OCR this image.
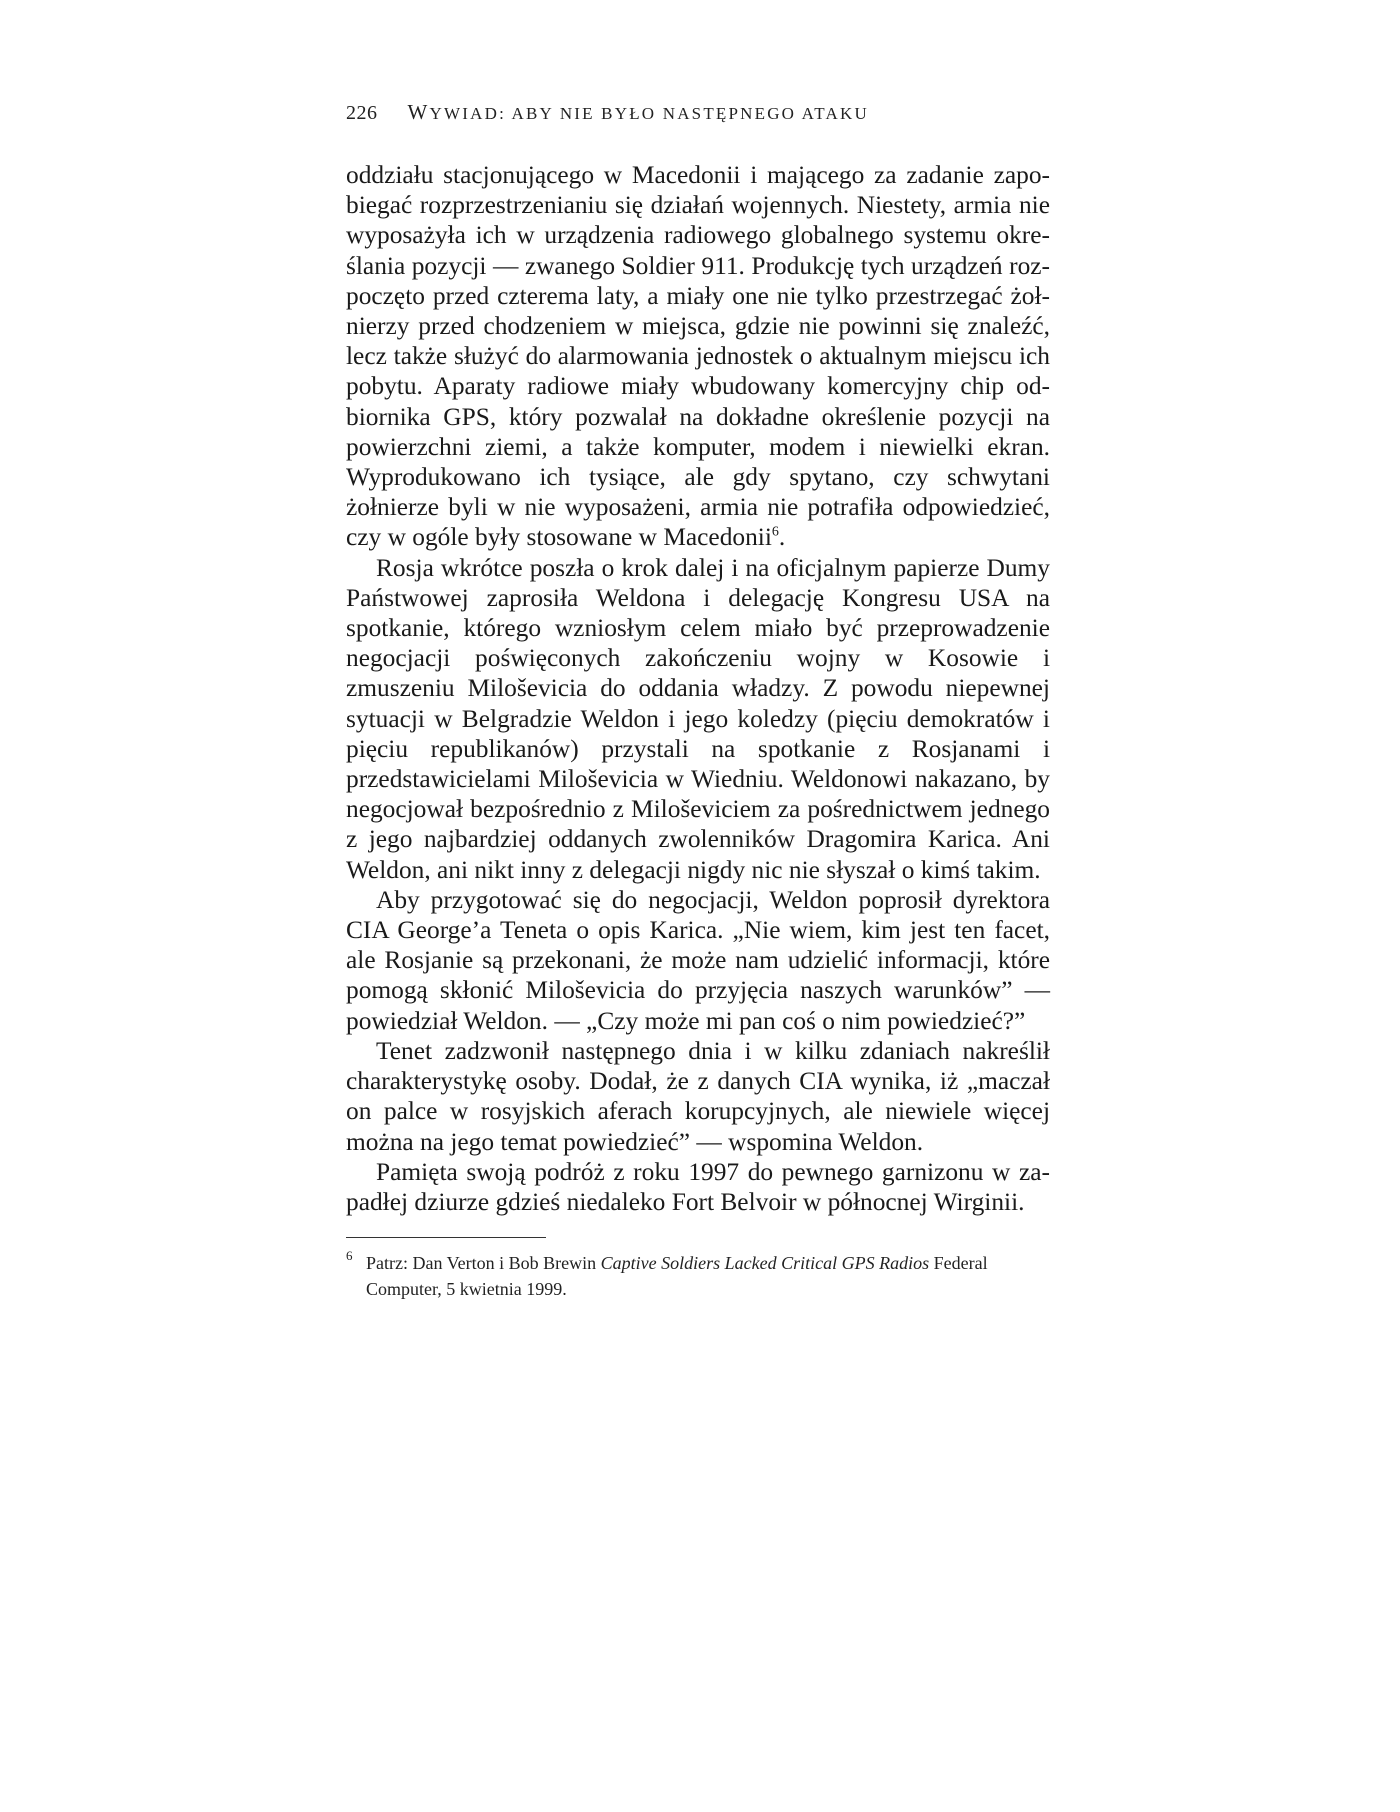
226 WYWIAD: ABY NIE BYŁO NASTĘPNEGO ATAKU

oddziału stacjonującego w Macedonii i mającego za zadanie zapobiegać rozprzestrzenianiu się działań wojennych. Niestety, armia nie wyposażyła ich w urządzenia radiowego globalnego systemu określania pozycji — zwanego Soldier 911. Produkcję tych urządzeń rozpoczęto przed czterema laty, a miały one nie tylko przestrzegać żołnierzy przed chodzeniem w miejsca, gdzie nie powinni się znaleźć, lecz także służyć do alarmowania jednostek o aktualnym miejscu ich pobytu. Aparaty radiowe miały wbudowany komercyjny chip odbiornika GPS, który pozwalał na dokładne określenie pozycji na powierzchni ziemi, a także komputer, modem i niewielki ekran. Wyprodukowano ich tysiące, ale gdy spytano, czy schwytani żołnierze byli w nie wyposażeni, armia nie potrafiła odpowiedzieć, czy w ogóle były stosowane w Macedonii$^6$.

Rosja wkrótce poszła o krok dalej i na oficjalnym papierze Dumy Państwowej zaprosiła Weldona i delegację Kongresu USA na spotkanie, którego wzniosłym celem miało być przeprowadzenie negocjacji poświęconych zakończeniu wojny w Kosowie i zmuszeniu Miloševicia do oddania władzy. Z powodu niepewnej sytuacji w Belgradzie Weldon i jego koledzy (pięciu demokratów i pięciu republikanów) przystali na spotkanie z Rosjanami i przedstawicielami Miloševicia w Wiedniu. Weldonowi nakazano, by negocjował bezpośrednio z Miloševiciem za pośrednictwem jednego z jego najbardziej oddanych zwolenników Dragomira Karica. Ani Weldon, ani nikt inny z delegacji nigdy nic nie słyszał o kimś takim.

Aby przygotować się do negocjacji, Weldon poprosił dyrektora CIA George’a Teneta o opis Karica. „Nie wiem, kim jest ten facet, ale Rosjanie są przekonani, że może nam udzielić informacji, które pomogą skłonić Miloševicia do przyjęcia naszych warunków” — powiedział Weldon. — „Czy może mi pan coś o nim powiedzieć?”

Tenet zadzwonił następnego dnia i w kilku zdaniach nakreślił charakterystykę osoby. Dodał, że z danych CIA wynika, iż „maczał on palce w rosyjskich aferach korupcyjnych, ale niewiele więcej można na jego temat powiedzieć” — wspomina Weldon.

Pamięta swoją podróż z roku 1997 do pewnego garnizonu w zapadłej dziurze gdzieś niedaleko Fort Belvoir w północnej Wirginii.

6 Patrz: Dan Verton i Bob Brewin Captive Soldiers Lacked Critical GPS Radios Federal Computer, 5 kwietnia 1999.
